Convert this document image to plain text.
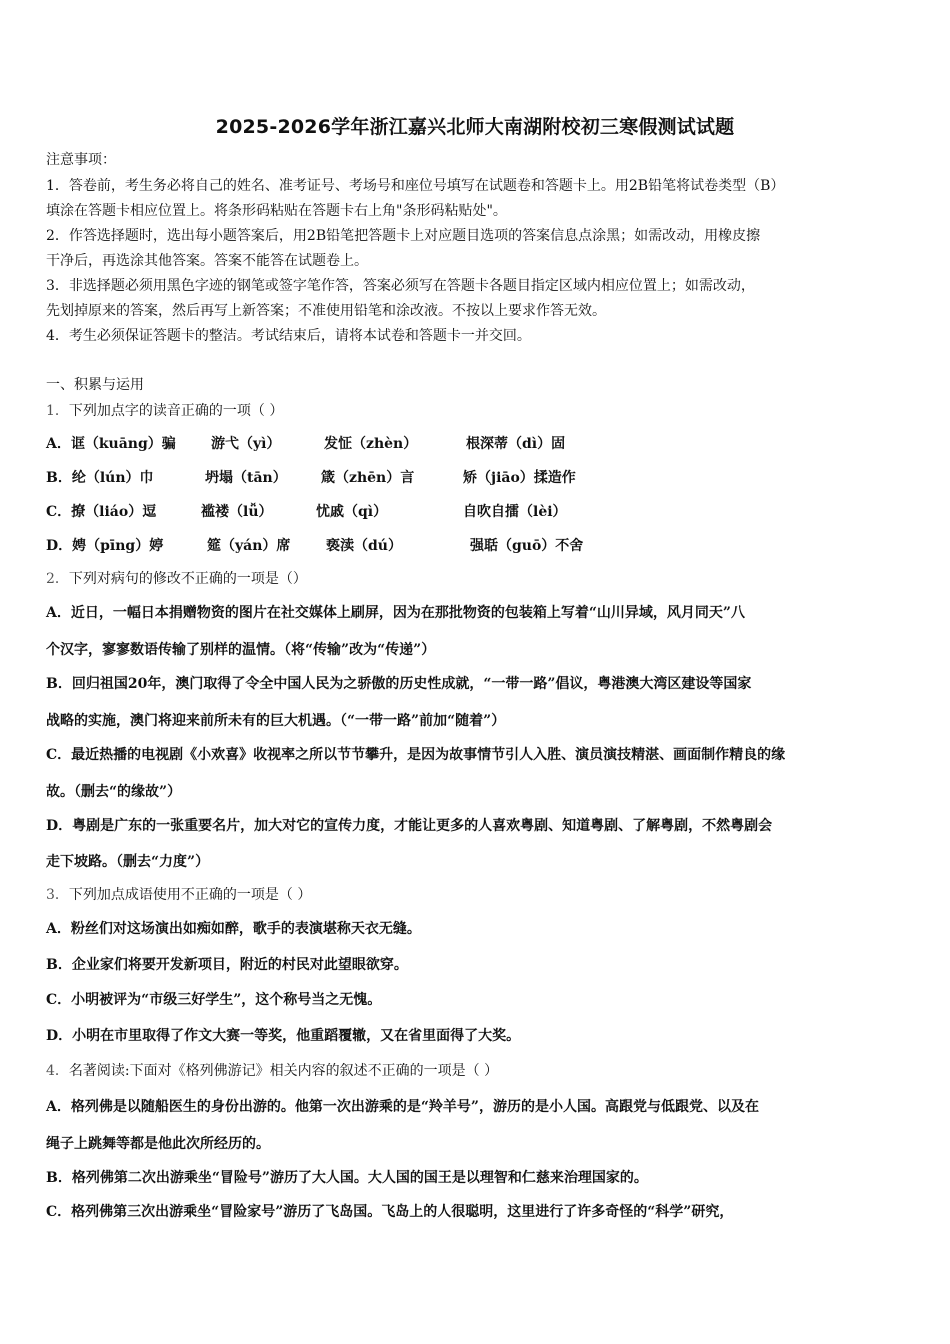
2025-2026学年浙江嘉兴北师大南湖附校初三寒假测试试题
注意事项：
1．答卷前，考生务必将自己的姓名、准考证号、考场号和座位号填写在试题卷和答题卡上。用2B铅笔将试卷类型（B）
填涂在答题卡相应位置上。将条形码粘贴在答题卡右上角"条形码粘贴处"。
2．作答选择题时，选出每小题答案后，用2B铅笔把答题卡上对应题目选项的答案信息点涂黑；如需改动，用橡皮擦
干净后，再选涂其他答案。答案不能答在试题卷上。
3．非选择题必须用黑色字迹的钢笔或签字笔作答，答案必须写在答题卡各题目指定区域内相应位置上；如需改动，
先划掉原来的答案，然后再写上新答案；不准使用铅笔和涂改液。不按以上要求作答无效。
4．考生必须保证答题卡的整洁。考试结束后，请将本试卷和答题卡一并交回。
一、积累与运用
1．下列加点字的读音正确的一项（ ）
A．诓（kuāng）骗	游弋（yì）	发怔（zhèn）	根深蒂（dì）固
B．纶（lún）巾	坍塌（tān） 箴（zhēn）言	矫（jiāo）揉造作
C．撩（liáo）逗	褴褛（lǚ）	忧戚（qì）	自吹自擂（lèi）
D．娉（pīng）婷	筵（yán）席	亵渎（dú）	强聒（guō）不舍
2．下列对病句的修改不正确的一项是（）
A．近日，一幅日本捐赠物资的图片在社交媒体上刷屏，因为在那批物资的包装箱上写着“山川异域，风月同天”八
个汉字，寥寥数语传输了别样的温情。（将“传输”改为“传递”）
B．回归祖国20年，澳门取得了令全中国人民为之骄傲的历史性成就，“一带一路”倡议，粤港澳大湾区建设等国家
战略的实施，澳门将迎来前所未有的巨大机遇。（“一带一路”前加“随着”）
C．最近热播的电视剧《小欢喜》收视率之所以节节攀升，是因为故事情节引人入胜、演员演技精湛、画面制作精良的缘
故。（删去“的缘故”）
D．粤剧是广东的一张重要名片，加大对它的宣传力度，才能让更多的人喜欢粤剧、知道粤剧、了解粤剧，不然粤剧会
走下坡路。（删去“力度”）
3．下列加点成语使用不正确的一项是（ ）
A．粉丝们对这场演出如痴如醉，歌手的表演堪称天衣无缝。
B．企业家们将要开发新项目，附近的村民对此望眼欲穿。
C．小明被评为“市级三好学生”，这个称号当之无愧。
D．小明在市里取得了作文大赛一等奖，他重蹈覆辙，又在省里面得了大奖。
4．名著阅读:下面对《格列佛游记》相关内容的叙述不正确的一项是（ ）
A．格列佛是以随船医生的身份出游的。他第一次出游乘的是“羚羊号”，游历的是小人国。高跟党与低跟党、以及在
绳子上跳舞等都是他此次所经历的。
B．格列佛第二次出游乘坐“冒险号”游历了大人国。大人国的国王是以理智和仁慈来治理国家的。
C．格列佛第三次出游乘坐“冒险家号”游历了飞岛国。飞岛上的人很聪明，这里进行了许多奇怪的“科学”研究，
